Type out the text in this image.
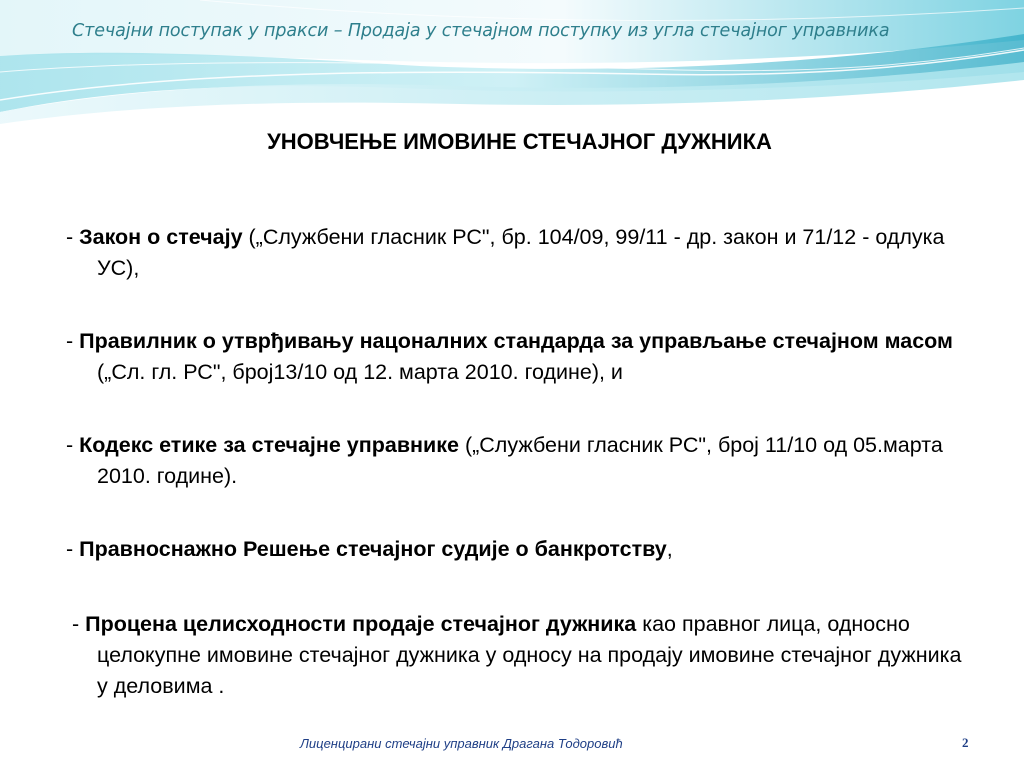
Стечајни поступак у пракси – Продаја у стечајном поступку из угла стечајног управника
УНОВЧЕЊЕ ИМОВИНЕ СТЕЧАЈНОГ ДУЖНИКА

- Закон о стечају („Службени гласник РС", бр. 104/09, 99/11 - др. закон и 71/12 - одлука УС),

- Правилник о утврђивању нацоналних стандарда за управљање стечајном масом („Сл. гл. РС", број13/10 од 12. марта 2010. године), и

- Кодекс етике за стечајне управнике („Службени гласник РС", број 11/10 од 05.марта 2010. године).

- Правноснажно Решење стечајног судије о банкротству,

- Процена целисходности продаје стечајног дужника као правног лица, односно целокупне имовине стечајног дужника у односу на продају имовине стечајног дужника у деловима .

Лиценцирани стечајни управник Драгана Тодоровић	2
